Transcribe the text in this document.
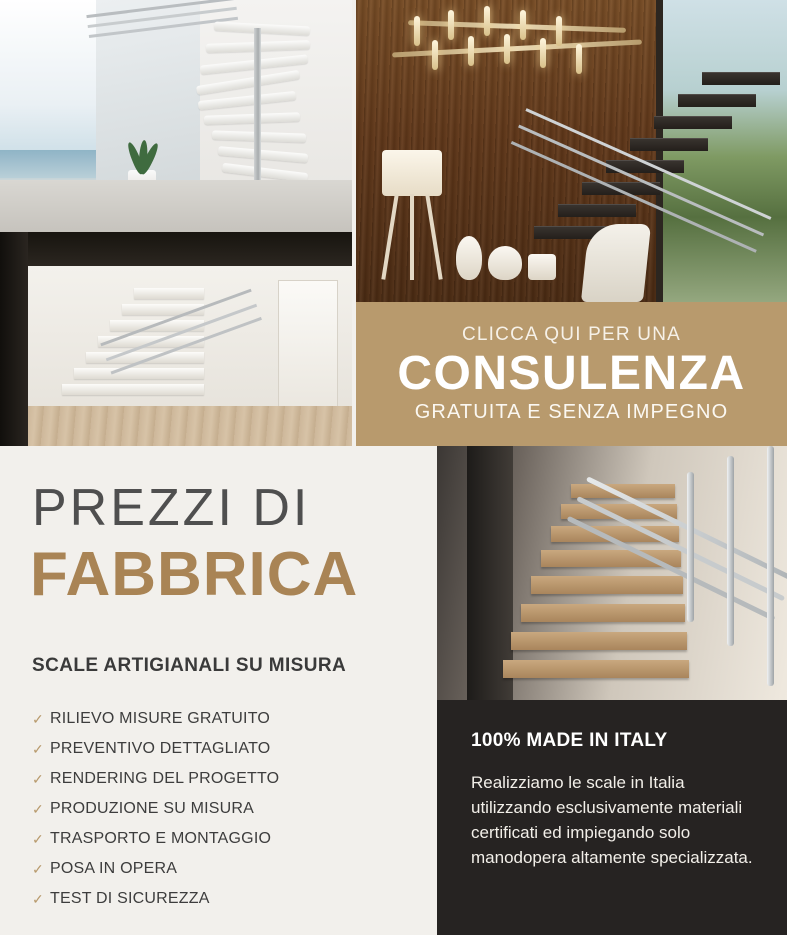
CLICCA QUI PER UNA
CONSULENZA
GRATUITA E SENZA IMPEGNO
PREZZI DI
FABBRICA
SCALE ARTIGIANALI SU MISURA
✓ RILIEVO MISURE GRATUITO
✓ PREVENTIVO DETTAGLIATO
✓ RENDERING DEL PROGETTO
✓ PRODUZIONE SU MISURA
✓ TRASPORTO E MONTAGGIO
✓ POSA IN OPERA
✓ TEST DI SICUREZZA

100% MADE IN ITALY

Realizziamo le scale in Italia utilizzando esclusivamente materiali certificati ed impiegando solo manodopera altamente specializzata.
